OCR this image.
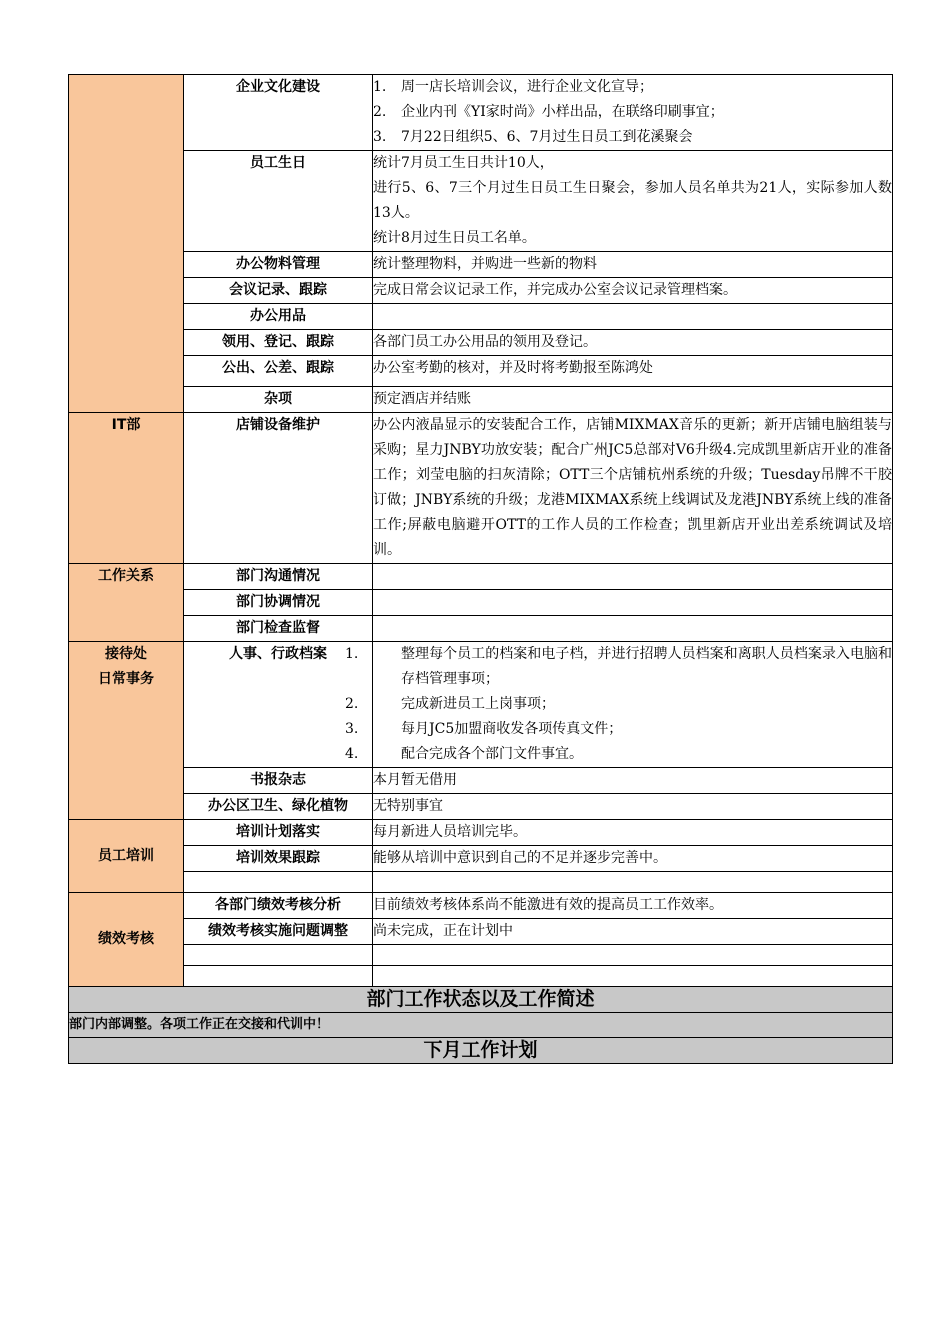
	企业文化建设	1. 周一店长培训会议，进行企业文化宣导；
2. 企业内刊《YI家时尚》小样出品，在联络印刷事宜；
3. 7月22日组织5、6、7月过生日员工到花溪聚会

	员工生日	统计7月员工生日共计10人，
进行5、6、7三个月过生日员工生日聚会，参加人员名单共为21人，实际参加人数13人。
统计8月过生日员工名单。

	办公物料管理	统计整理物料，并购进一些新的物料
	会议记录、跟踪	完成日常会议记录工作，并完成办公室会议记录管理档案。
	办公用品	
	领用、登记、跟踪	各部门员工办公用品的领用及登记。
	公出、公差、跟踪	办公室考勤的核对，并及时将考勤报至陈鸿处
	杂项	预定酒店并结账
IT部	店铺设备维护	办公内液晶显示的安装配合工作，店铺MIXMAX音乐的更新；新开店铺电脑组装与采购；星力JNBY功放安装；配合广州JC5总部对V6升级4.完成凯里新店开业的准备工作；刘莹电脑的扫灰清除；OTT三个店铺杭州系统的升级；Tuesday吊牌不干胶订做；JNBY系统的升级；龙港MIXMAX系统上线调试及龙港JNBY系统上线的准备工作;屏蔽电脑避开OTT的工作人员的工作检查；凯里新店开业出差系统调试及培训。
工作关系	部门沟通情况	
	部门协调情况	
	部门检查监督	

接待处
日常事务	人事、行政档案	1. 整理每个员工的档案和电子档，并进行招聘人员档案和离职人员档案录入电脑和存档管理事项；
2. 完成新进员工上岗事项；
3. 每月JC5加盟商收发各项传真文件；
4. 配合完成各个部门文件事宜。

	书报杂志	本月暂无借用
	办公区卫生、绿化植物	无特别事宜
员工培训	培训计划落实	每月新进人员培训完毕。
	培训效果跟踪	能够从培训中意识到自己的不足并逐步完善中。

绩效考核	各部门绩效考核分析	目前绩效考核体系尚不能激进有效的提高员工工作效率。
	绩效考核实施问题调整	尚未完成，正在计划中

部门工作状态以及工作简述		
部门内部调整。各项工作正在交接和代训中！		
下月工作计划		
